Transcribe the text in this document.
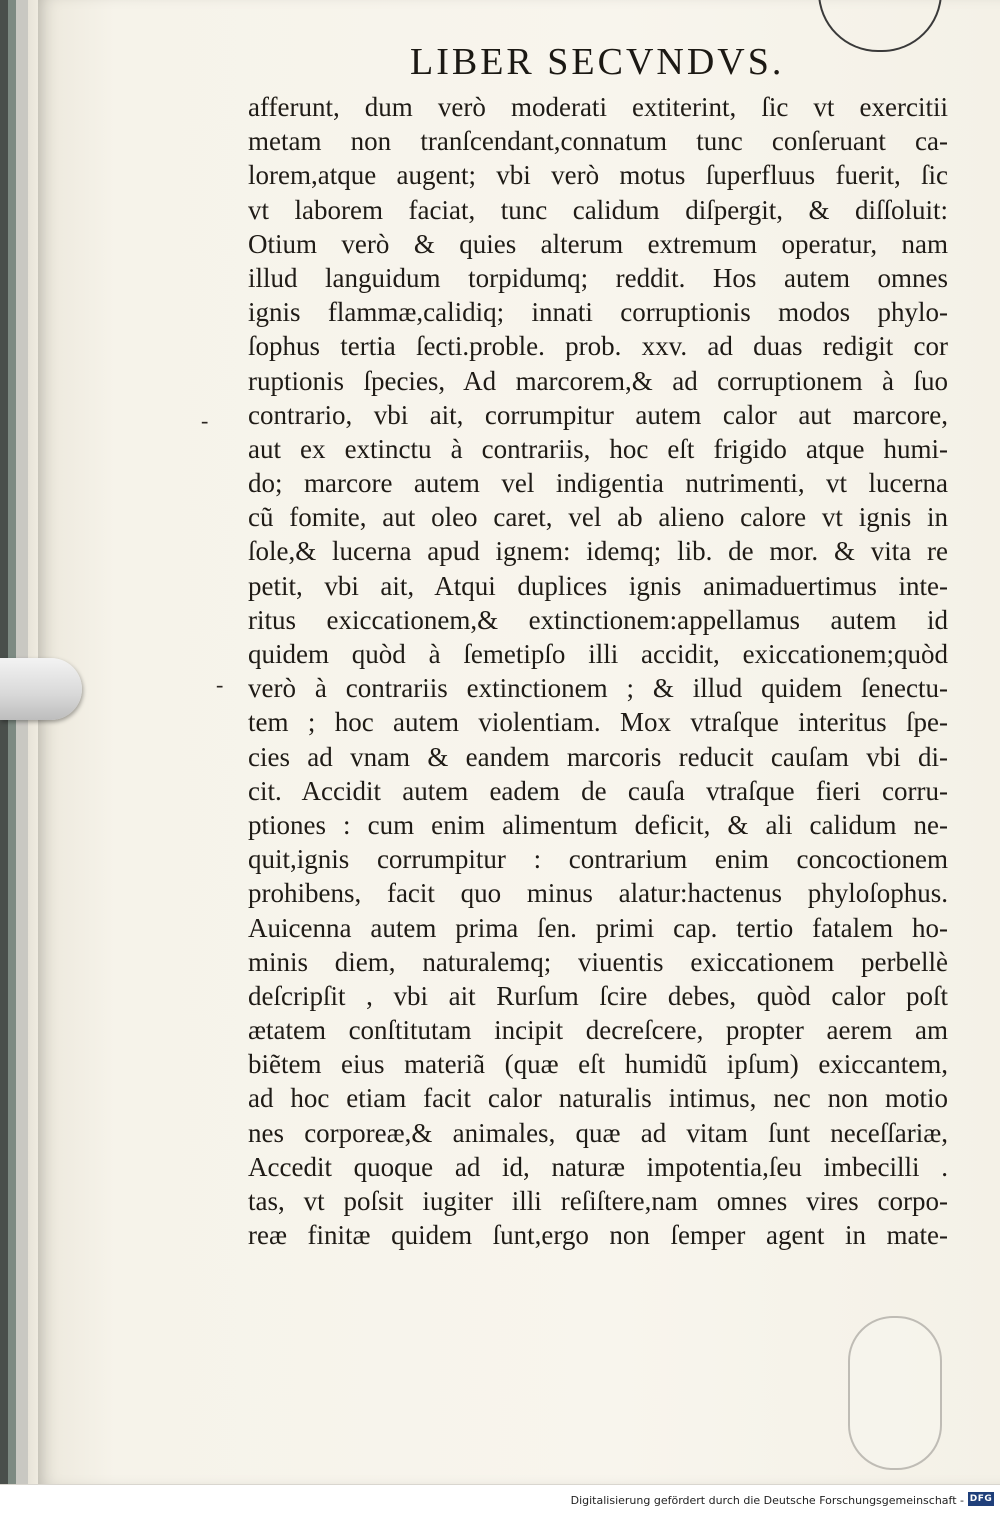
LIBER SECVNDVS.
afferunt, dum verò moderati extiterint, ſic vt exercitii
metam non tranſcendant,connatum tunc conſeruant ca-
lorem,atque augent; vbi verò motus ſuperfluus fuerit, ſic
vt laborem faciat, tunc calidum diſpergit, & diſſoluit:
Otium verò & quies alterum extremum operatur, nam
illud languidum torpidumq; reddit. Hos autem omnes
ignis flammæ,calidiq; innati corruptionis modos phylo-
ſophus tertia ſecti.proble. prob. xxv. ad duas redigit cor
ruptionis ſpecies, Ad marcorem,& ad corruptionem à ſuo
contrario, vbi ait, corrumpitur autem calor aut marcore,
aut ex extinctu à contrariis, hoc eſt frigido atque humi-
do; marcore autem vel indigentia nutrimenti, vt lucerna
cũ fomite, aut oleo caret, vel ab alieno calore vt ignis in
ſole,& lucerna apud ignem: idemq; lib. de mor. & vita re
petit, vbi ait, Atqui duplices ignis animaduertimus inte-
ritus exiccationem,& extinctionem:appellamus autem id
quidem quòd à ſemetipſo illi accidit, exiccationem;quòd
verò à contrariis extinctionem ; & illud quidem ſenectu-
tem ; hoc autem violentiam. Mox vtraſque interitus ſpe-
cies ad vnam & eandem marcoris reducit cauſam vbi di-
cit. Accidit autem eadem de cauſa vtraſque fieri corru-
ptiones : cum enim alimentum deficit, & ali calidum ne-
quit,ignis corrumpitur : contrarium enim concoctionem
prohibens, facit quo minus alatur:hactenus phyloſophus.
Auicenna autem prima ſen. primi cap. tertio fatalem ho-
minis diem, naturalemq; viuentis exiccationem perbellè
deſcripſit , vbi ait Rurſum ſcire debes, quòd calor poſt
ætatem conſtitutam incipit decreſcere, propter aerem am
biẽtem eius materiã (quæ eſt humidũ ipſum) exiccantem,
ad hoc etiam facit calor naturalis intimus, nec non motio
nes corporeæ,& animales, quæ ad vitam ſunt neceſſariæ,
Accedit quoque ad id, naturæ impotentia,ſeu imbecilli .
tas, vt poſsit iugiter illi reſiſtere,nam omnes vires corpo-
reæ finitæ quidem ſunt,ergo non ſemper agent in mate-
-
-
Digitalisierung gefördert durch die Deutsche Forschungsgemeinschaft - DFG
